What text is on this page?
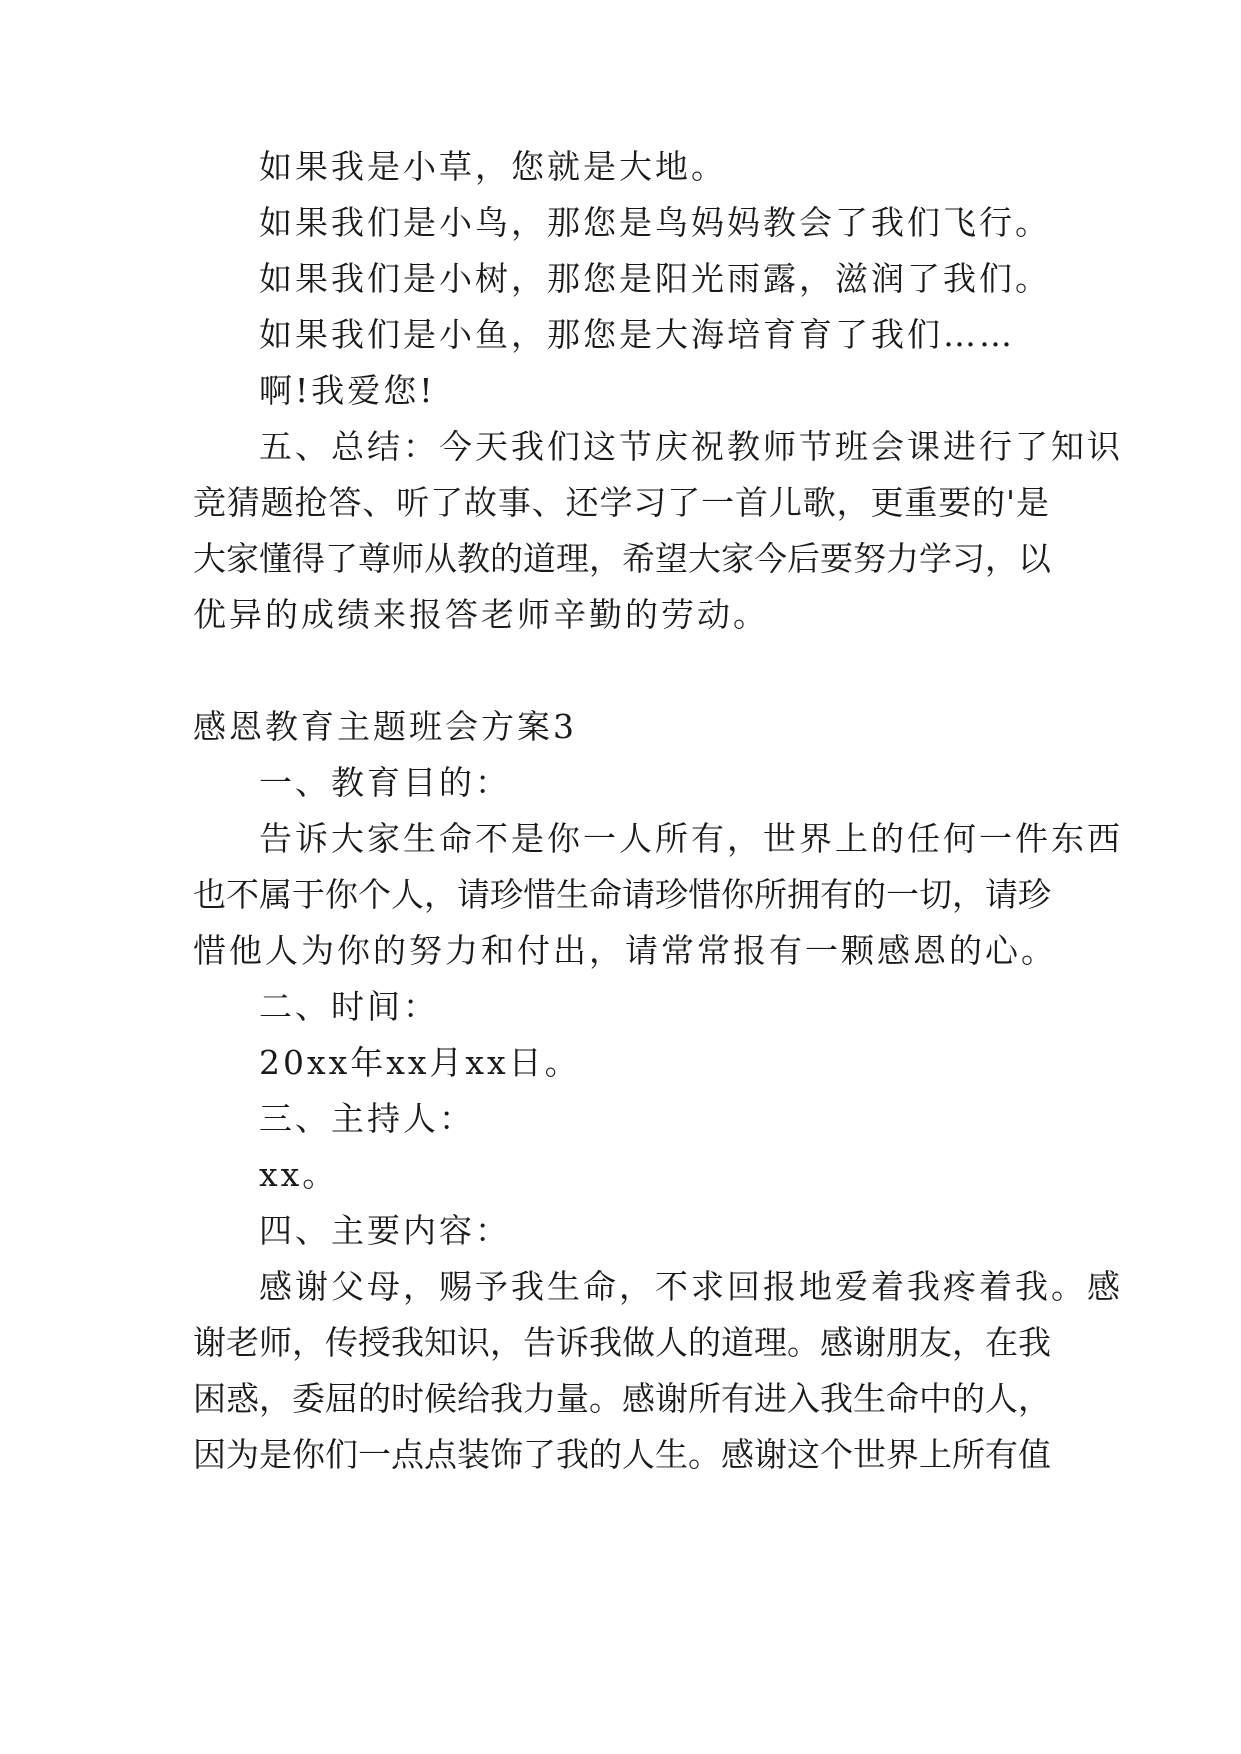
如果我是小草，您就是大地。
如果我们是小鸟，那您是鸟妈妈教会了我们飞行。
如果我们是小树，那您是阳光雨露，滋润了我们。
如果我们是小鱼，那您是大海培育育了我们……
啊!我爱您!
五、总结：今天我们这节庆祝教师节班会课进行了知识
竞猜题抢答、听了故事、还学习了一首儿歌，更重要的'是
大家懂得了尊师从教的道理，希望大家今后要努力学习，以
优异的成绩来报答老师辛勤的劳动。
感恩教育主题班会方案3
一、教育目的：
告诉大家生命不是你一人所有，世界上的任何一件东西
也不属于你个人，请珍惜生命请珍惜你所拥有的一切，请珍
惜他人为你的努力和付出，请常常报有一颗感恩的心。
二、时间：
20xx年xx月xx日。
三、主持人：
xx。
四、主要内容：
感谢父母，赐予我生命，不求回报地爱着我疼着我。感
谢老师，传授我知识，告诉我做人的道理。感谢朋友，在我
困惑，委屈的时候给我力量。感谢所有进入我生命中的人，
因为是你们一点点装饰了我的人生。感谢这个世界上所有值
